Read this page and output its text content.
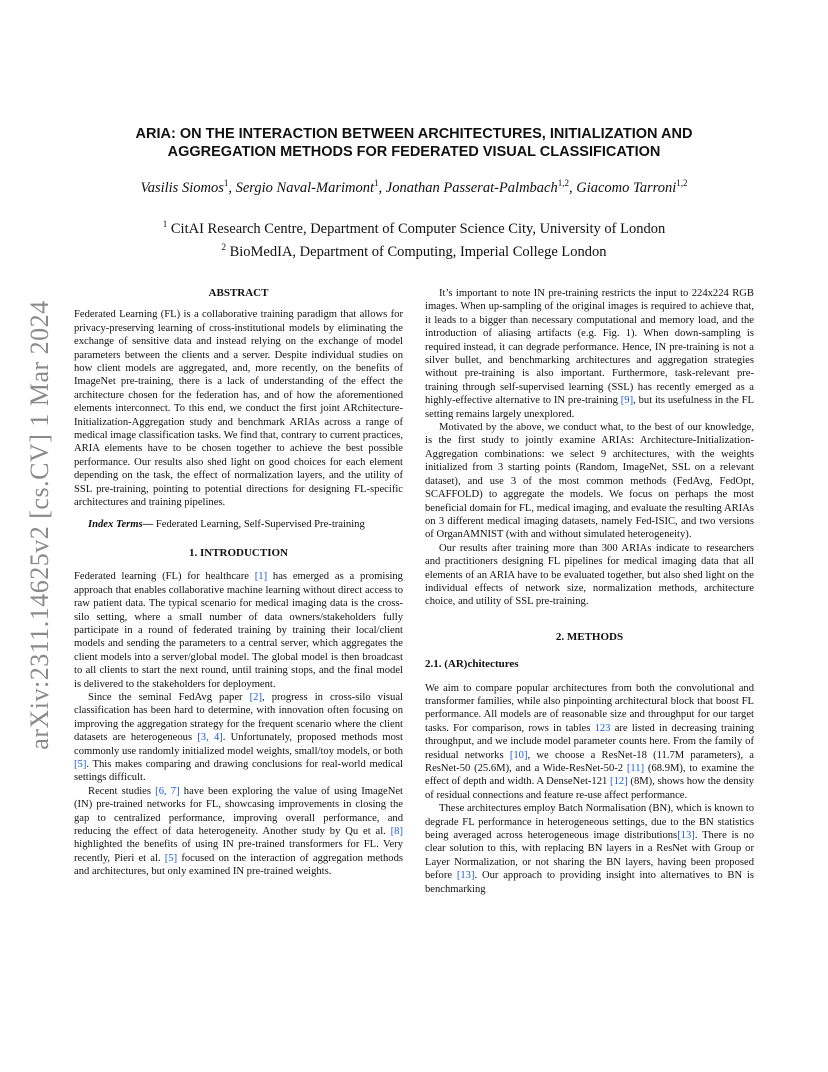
arXiv:2311.14625v2 [cs.CV] 1 Mar 2024
ARIA: ON THE INTERACTION BETWEEN ARCHITECTURES, INITIALIZATION AND
AGGREGATION METHODS FOR FEDERATED VISUAL CLASSIFICATION

Vasilis Siomos$^1$, Sergio Naval-Marimont$^1$, Jonathan Passerat-Palmbach$^{1,2}$, Giacomo Tarroni$^{1,2}$

$^1$ CitAI Research Centre, Department of Computer Science City, University of London
$^2$ BioMedIA, Department of Computing, Imperial College London
ABSTRACT

Federated Learning (FL) is a collaborative training paradigm that allows for privacy-preserving learning of cross-institutional models by eliminating the exchange of sensitive data and instead relying on the exchange of model parameters between the clients and a server. Despite individual studies on how client models are aggregated, and, more recently, on the benefits of ImageNet pre-training, there is a lack of understanding of the effect the architecture chosen for the federation has, and of how the aforementioned elements interconnect. To this end, we conduct the first joint ARchitecture-Initialization-Aggregation study and benchmark ARIAs across a range of medical image classification tasks. We find that, contrary to current practices, ARIA elements have to be chosen together to achieve the best possible performance. Our results also shed light on good choices for each element depending on the task, the effect of normalization layers, and the utility of SSL pre-training, pointing to potential directions for designing FL-specific architectures and training pipelines.

Index Terms— Federated Learning, Self-Supervised Pre-training

1. INTRODUCTION

Federated learning (FL) for healthcare [1] has emerged as a promising approach that enables collaborative machine learning without direct access to raw patient data. The typical scenario for medical imaging data is the cross-silo setting, where a small number of data owners/stakeholders fully participate in a round of federated training by training their local/client models and sending the parameters to a central server, which aggregates the client models into a server/global model. The global model is then broadcast to all clients to start the next round, until training stops, and the final model is delivered to the stakeholders for deployment.

Since the seminal FedAvg paper [2], progress in cross-silo visual classification has been hard to determine, with innovation often focusing on improving the aggregation strategy for the frequent scenario where the client datasets are heterogeneous [3, 4]. Unfortunately, proposed methods most commonly use randomly initialized model weights, small/toy models, or both [5]. This makes comparing and drawing conclusions for real-world medical settings difficult.

Recent studies [6, 7] have been exploring the value of using ImageNet (IN) pre-trained networks for FL, showcasing improvements in closing the gap to centralized performance, improving overall performance, and reducing the effect of data heterogeneity. Another study by Qu et al. [8] highlighted the benefits of using IN pre-trained transformers for FL. Very recently, Pieri et al. [5] focused on the interaction of aggregation methods and architectures, but only examined IN pre-trained weights.

It’s important to note IN pre-training restricts the input to 224x224 RGB images. When up-sampling of the original images is required to achieve that, it leads to a bigger than necessary computational and memory load, and the introduction of aliasing artifacts (e.g. Fig. 1). When down-sampling is required instead, it can degrade performance. Hence, IN pre-training is not a silver bullet, and benchmarking architectures and aggregation strategies without pre-training is also important. Furthermore, task-relevant pre-training through self-supervised learning (SSL) has recently emerged as a highly-effective alternative to IN pre-training [9], but its usefulness in the FL setting remains largely unexplored.

Motivated by the above, we conduct what, to the best of our knowledge, is the first study to jointly examine ARIAs: Architecture-Initialization-Aggregation combinations: we select 9 architectures, with the weights initialized from 3 starting points (Random, ImageNet, SSL on a relevant dataset), and use 3 of the most common methods (FedAvg, FedOpt, SCAFFOLD) to aggregate the models. We focus on perhaps the most beneficial domain for FL, medical imaging, and evaluate the resulting ARIAs on 3 different medical imaging datasets, namely Fed-ISIC, and two versions of OrganAMNIST (with and without simulated heterogeneity).

Our results after training more than 300 ARIAs indicate to researchers and practitioners designing FL pipelines for medical imaging data that all elements of an ARIA have to be evaluated together, but also shed light on the individual effects of network size, normalization methods, architecture choice, and utility of SSL pre-training.

2. METHODS
2.1. (AR)chitectures

We aim to compare popular architectures from both the convolutional and transformer families, while also pinpointing architectural block that boost FL performance. All models are of reasonable size and throughput for our target tasks. For comparison, rows in tables 123 are listed in decreasing training throughput, and we include model parameter counts here. From the family of residual networks [10], we choose a ResNet-18 (11.7M parameters), a ResNet-50 (25.6M), and a Wide-ResNet-50-2 [11] (68.9M), to examine the effect of depth and width. A DenseNet-121 [12] (8M), shows how the density of residual connections and feature re-use affect performance.

These architectures employ Batch Normalisation (BN), which is known to degrade FL performance in heterogeneous settings, due to the BN statistics being averaged across heterogeneous image distributions[13]. There is no clear solution to this, with replacing BN layers in a ResNet with Group or Layer Normalization, or not sharing the BN layers, having been proposed before [13]. Our approach to providing insight into alternatives to BN is benchmarking
